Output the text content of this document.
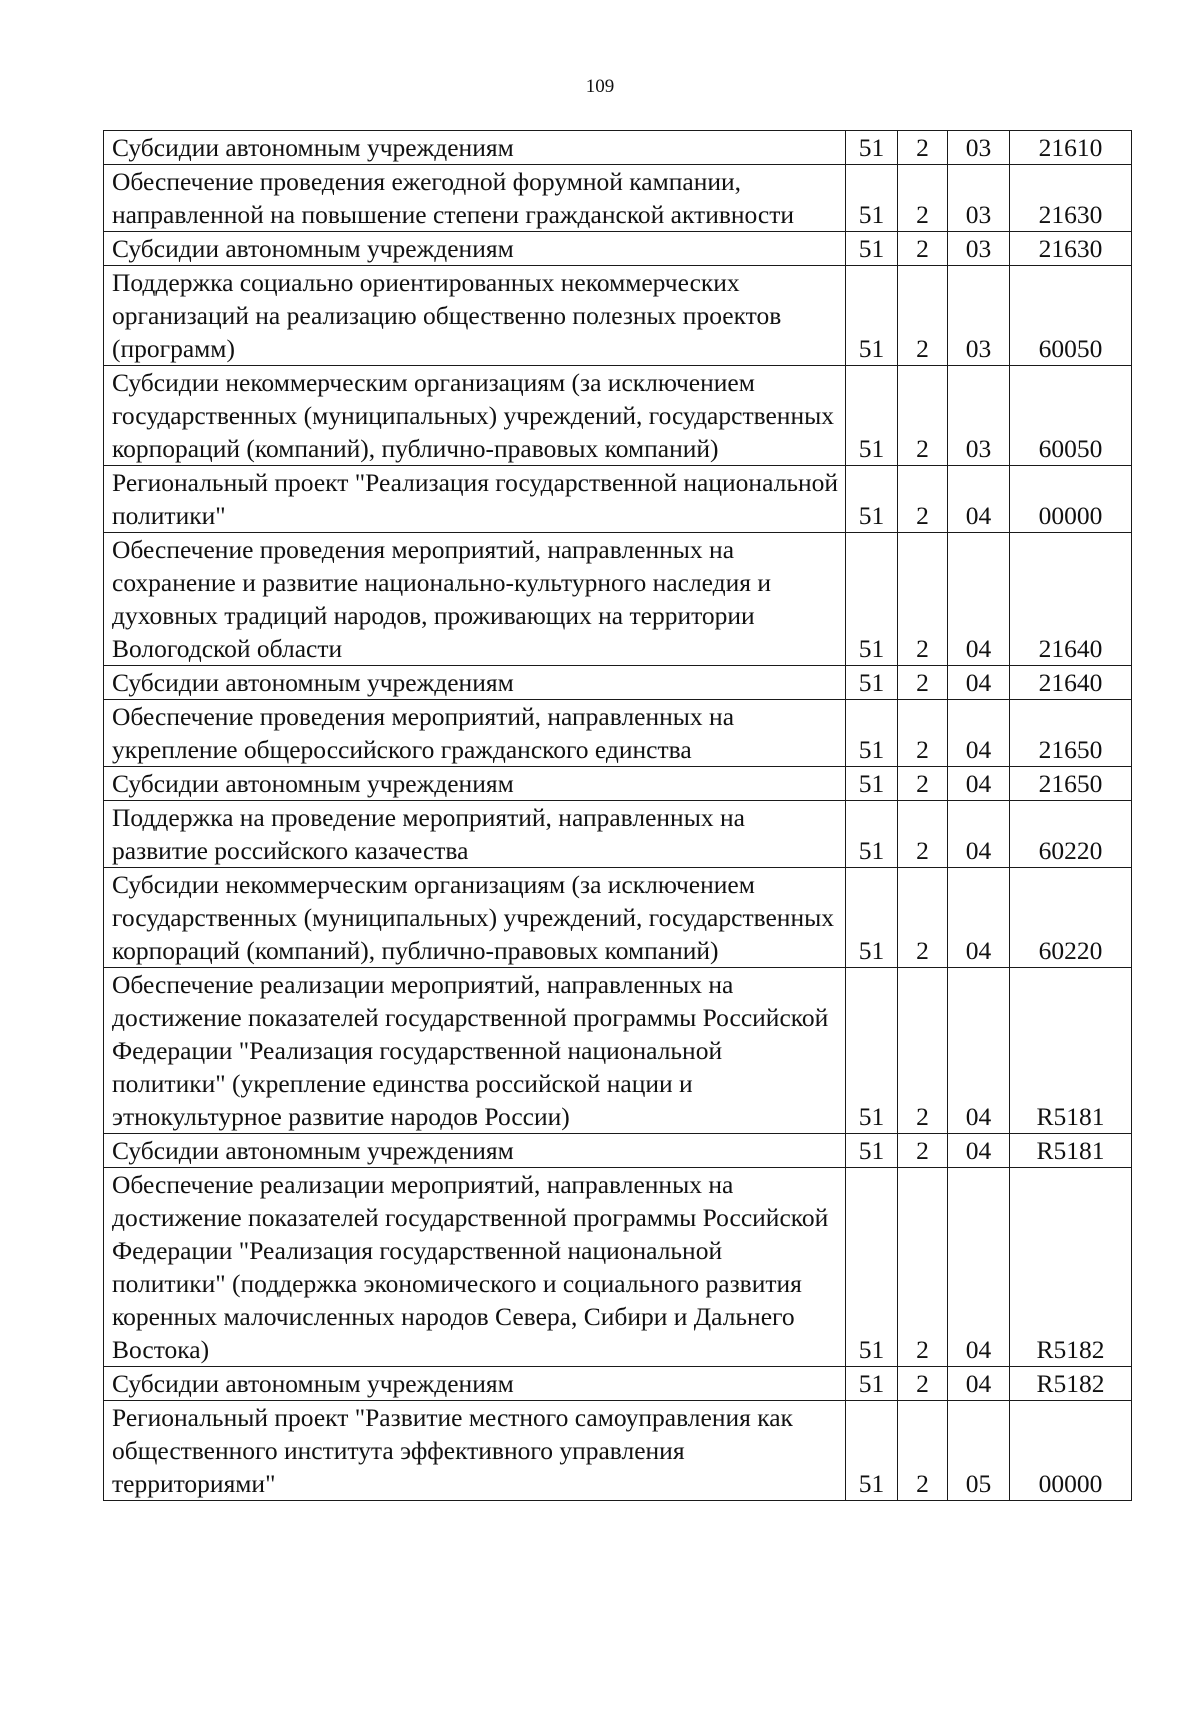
109
Субсидии автономным учреждениям	51	2	03	21610
Обеспечение проведения ежегодной форумной кампании, направленной на повышение степени гражданской активности	51	2	03	21630
Субсидии автономным учреждениям	51	2	03	21630
Поддержка социально ориентированных некоммерческих организаций на реализацию общественно полезных проектов (программ)	51	2	03	60050
Субсидии некоммерческим организациям (за исключением государственных (муниципальных) учреждений, государственных корпораций (компаний), публично-правовых компаний)	51	2	03	60050
Региональный проект "Реализация государственной национальной политики"	51	2	04	00000
Обеспечение проведения мероприятий, направленных на сохранение и развитие национально-культурного наследия и духовных традиций народов, проживающих на территории Вологодской области	51	2	04	21640
Субсидии автономным учреждениям	51	2	04	21640
Обеспечение проведения мероприятий, направленных на укрепление общероссийского гражданского единства	51	2	04	21650
Субсидии автономным учреждениям	51	2	04	21650
Поддержка на проведение мероприятий, направленных на развитие российского казачества	51	2	04	60220
Субсидии некоммерческим организациям (за исключением государственных (муниципальных) учреждений, государственных корпораций (компаний), публично-правовых компаний)	51	2	04	60220
Обеспечение реализации мероприятий, направленных на достижение показателей государственной программы Российской Федерации "Реализация государственной национальной политики" (укрепление единства российской нации и этнокультурное развитие народов России)	51	2	04	R5181
Субсидии автономным учреждениям	51	2	04	R5181
Обеспечение реализации мероприятий, направленных на достижение показателей государственной программы Российской Федерации "Реализация государственной национальной политики" (поддержка экономического и социального развития коренных малочисленных народов Севера, Сибири и Дальнего Востока)	51	2	04	R5182
Субсидии автономным учреждениям	51	2	04	R5182
Региональный проект "Развитие местного самоуправления как общественного института эффективного управления территориями"	51	2	05	00000
